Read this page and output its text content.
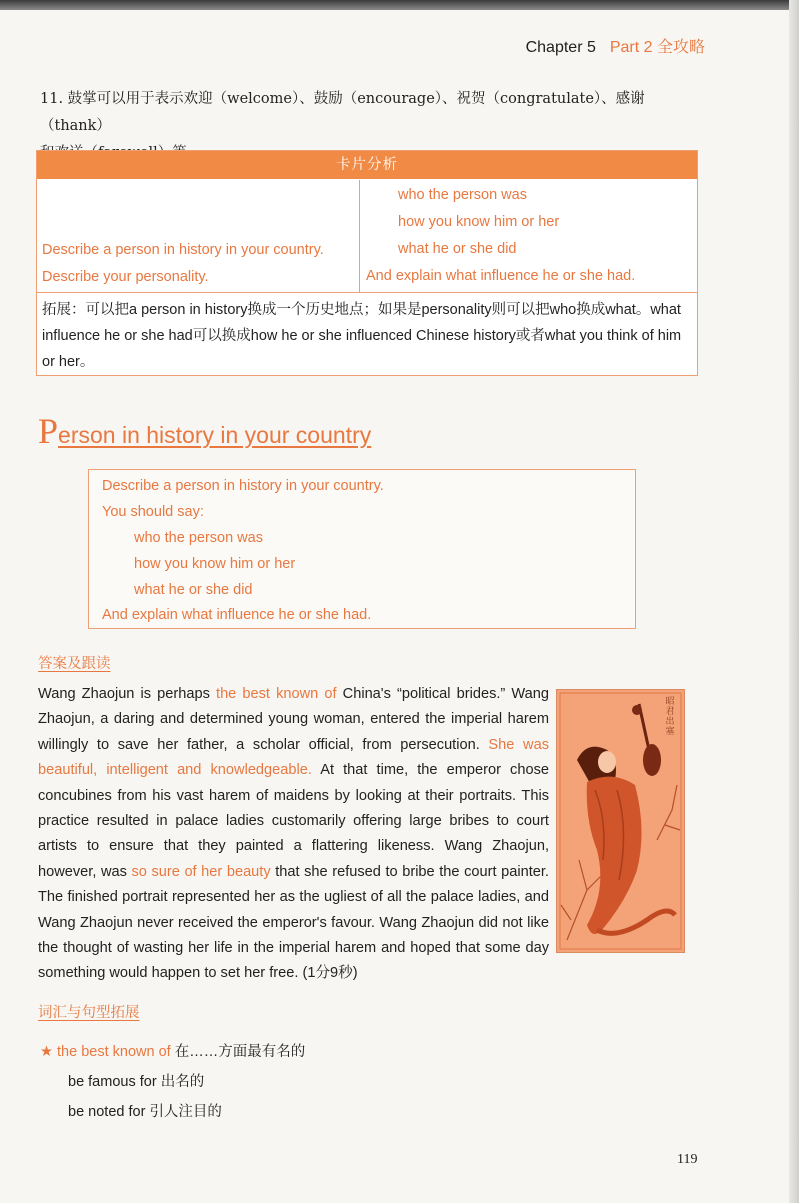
Chapter 5 Part 2 全攻略
11. 鼓掌可以用于表示欢迎（welcome）、鼓励（encourage）、祝贺（congratulate）、感谢（thank）
卡片分析
Describe a person in history in your country.
Describe your personality.
who the person was
how you know him or her
what he or she did
And explain what influence he or she had.
拓展：可以把a person in history换成一个历史地点；如果是personality则可以把who换成what。what influence he or she had可以换成how he or she influenced Chinese history或者what you think of him or her。
Person in history in your country
Describe a person in history in your country.
You should say:
who the person was
how you know him or her
what he or she did
And explain what influence he or she had.
答案及跟读
Wang Zhaojun is perhaps the best known of China's “political brides.” Wang Zhaojun, a daring and determined young woman, entered the imperial harem willingly to save her father, a scholar official, from persecution. She was beautiful, intelligent and knowledgeable. At that time, the emperor chose concubines from his vast harem of maidens by looking at their portraits. This practice resulted in palace ladies customarily offering large bribes to court artists to ensure that they painted a flattering likeness. Wang Zhaojun, however, was so sure of her beauty that she refused to bribe the court painter. The finished portrait represented her as the ugliest of all the palace ladies, and Wang Zhaojun never received the emperor's favour. Wang Zhaojun did not like the thought of wasting her life in the imperial harem and hoped that some day something would happen to set her free. (1分9秒)
昭君出塞
词汇与句型拓展
★ the best known of 在……方面最有名的
be famous for 出名的
be noted for 引人注目的
119
